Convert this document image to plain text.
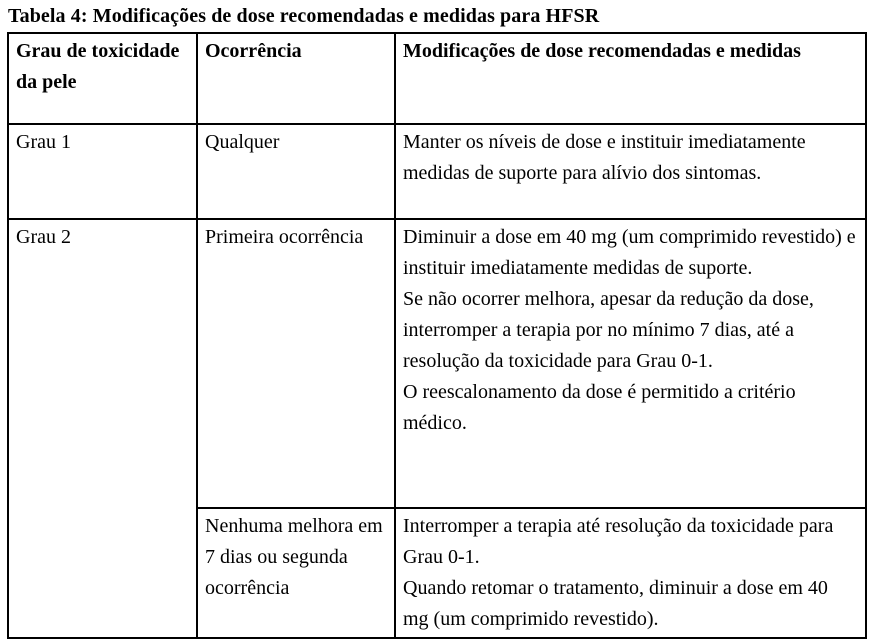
Tabela 4: Modificações de dose recomendadas e medidas para HFSR

Grau de toxicidade da pele	Ocorrência	Modificações de dose recomendadas e medidas
Grau 1	Qualquer	Manter os níveis de dose e instituir imediatamente medidas de suporte para alívio dos sintomas.

Grau 2	Primeira ocorrência	Diminuir a dose em 40 mg (um comprimido revestido) e instituir imediatamente medidas de suporte.
Se não ocorrer melhora, apesar da redução da dose, interromper a terapia por no mínimo 7 dias, até a resolução da toxicidade para Grau 0-1.
O reescalonamento da dose é permitido a critério médico.

	Nenhuma melhora em 7 dias ou segunda ocorrência	Interromper a terapia até resolução da toxicidade para Grau 0-1.
Quando retomar o tratamento, diminuir a dose em 40 mg (um comprimido revestido).
